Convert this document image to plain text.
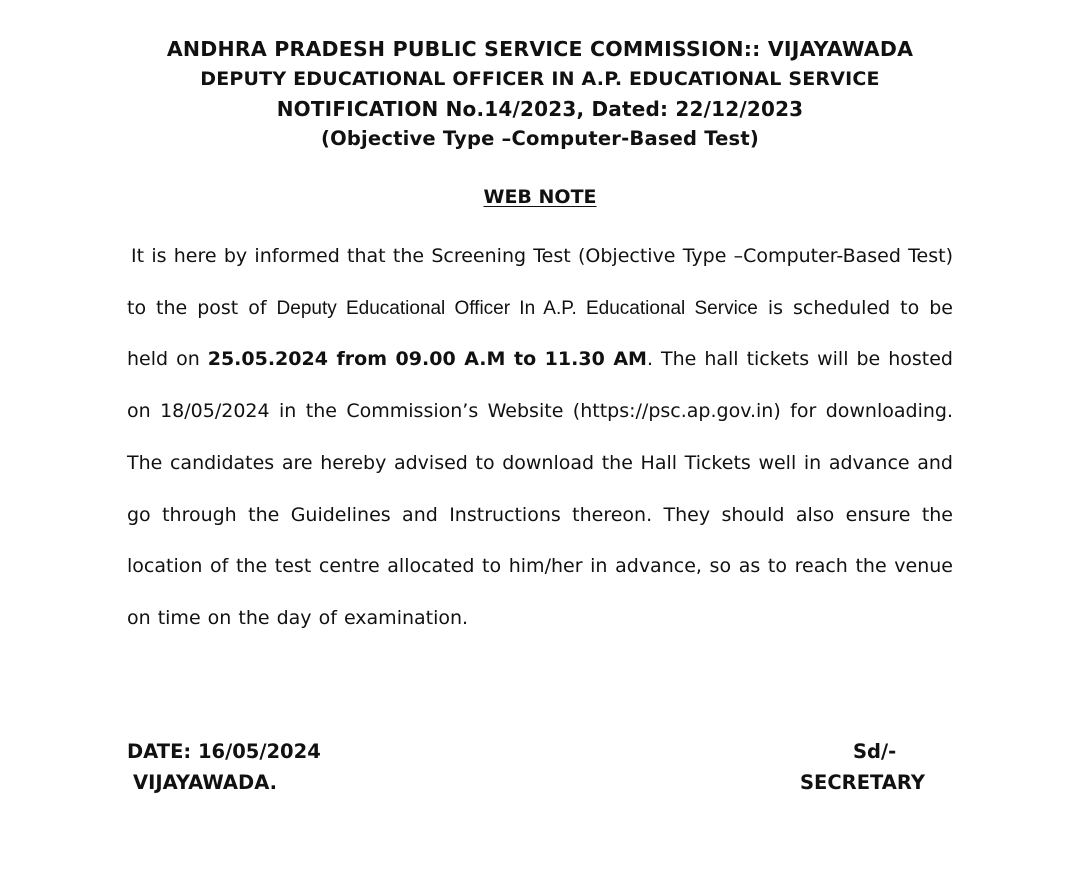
ANDHRA PRADESH PUBLIC SERVICE COMMISSION:: VIJAYAWADA
DEPUTY EDUCATIONAL OFFICER IN A.P. EDUCATIONAL SERVICE
NOTIFICATION No.14/2023, Dated: 22/12/2023
(Objective Type –Computer-Based Test)
WEB NOTE
It is here by informed that the Screening Test (Objective Type –Computer-Based Test) to the post of Deputy Educational Officer In A.P. Educational Service is scheduled to be held on 25.05.2024 from 09.00 A.M to 11.30 AM. The hall tickets will be hosted on 18/05/2024 in the Commission’s Website (https://psc.ap.gov.in) for downloading. The candidates are hereby advised to download the Hall Tickets well in advance and go through the Guidelines and Instructions thereon. They should also ensure the location of the test centre allocated to him/her in advance, so as to reach the venue on time on the day of examination.
DATE: 16/05/2024
VIJAYAWADA.
Sd/-
SECRETARY
